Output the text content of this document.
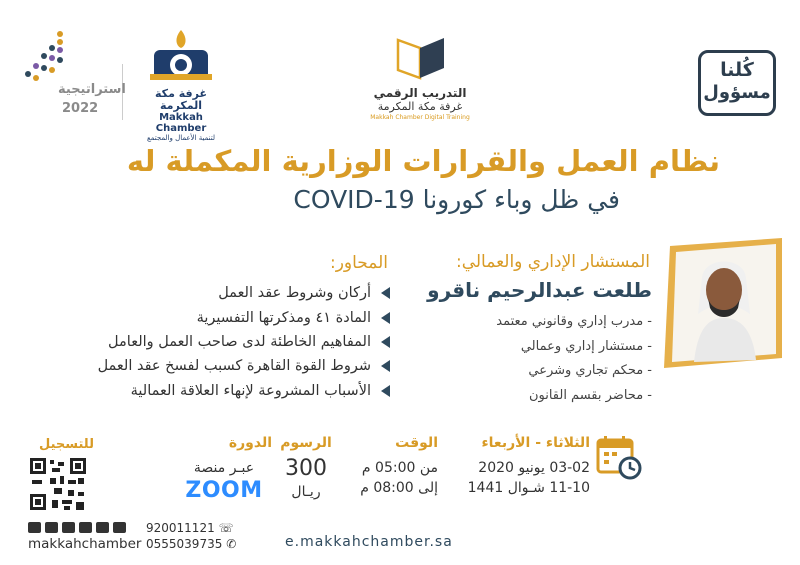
كُلنا
مسؤول
التدريب الرقمي
غرفة مكة المكرمة
Makkah Chamber Digital Training
غرفة مكة المكرمة
Makkah Chamber
لتنمية الأعمال والمجتمع
استراتيجية
2022
نظام العمل والقرارات الوزارية المكملة له
في ظل وباء كورونا COVID-19
المستشار الإداري والعمالي:
طلعت عبدالرحيم ناقرو
- مدرب إداري وقانوني معتمد
- مستشار إداري وعمالي
- محكم تجاري وشرعي
- محاضر بقسم القانون
المحاور:
أركان وشروط عقد العمل
المادة ٤١ ومذكرتها التفسيرية
المفاهيم الخاطئة لدى صاحب العمل والعامل
شروط القوة القاهرة كسبب لفسخ عقد العمل
الأسباب المشروعة لإنهاء العلاقة العمالية
الثلاثاء - الأربعاء
03-02 يونيو 2020
11-10 شـوال 1441
الوقت
من 05:00 م
إلى 08:00 م
الرسوم
300
ريـال
الدورة
عبـر منصة
ZOOM
للتسجيل
makkahchamber
920011121 ☏
0555039735 ✆	e.makkahchamber.sa
